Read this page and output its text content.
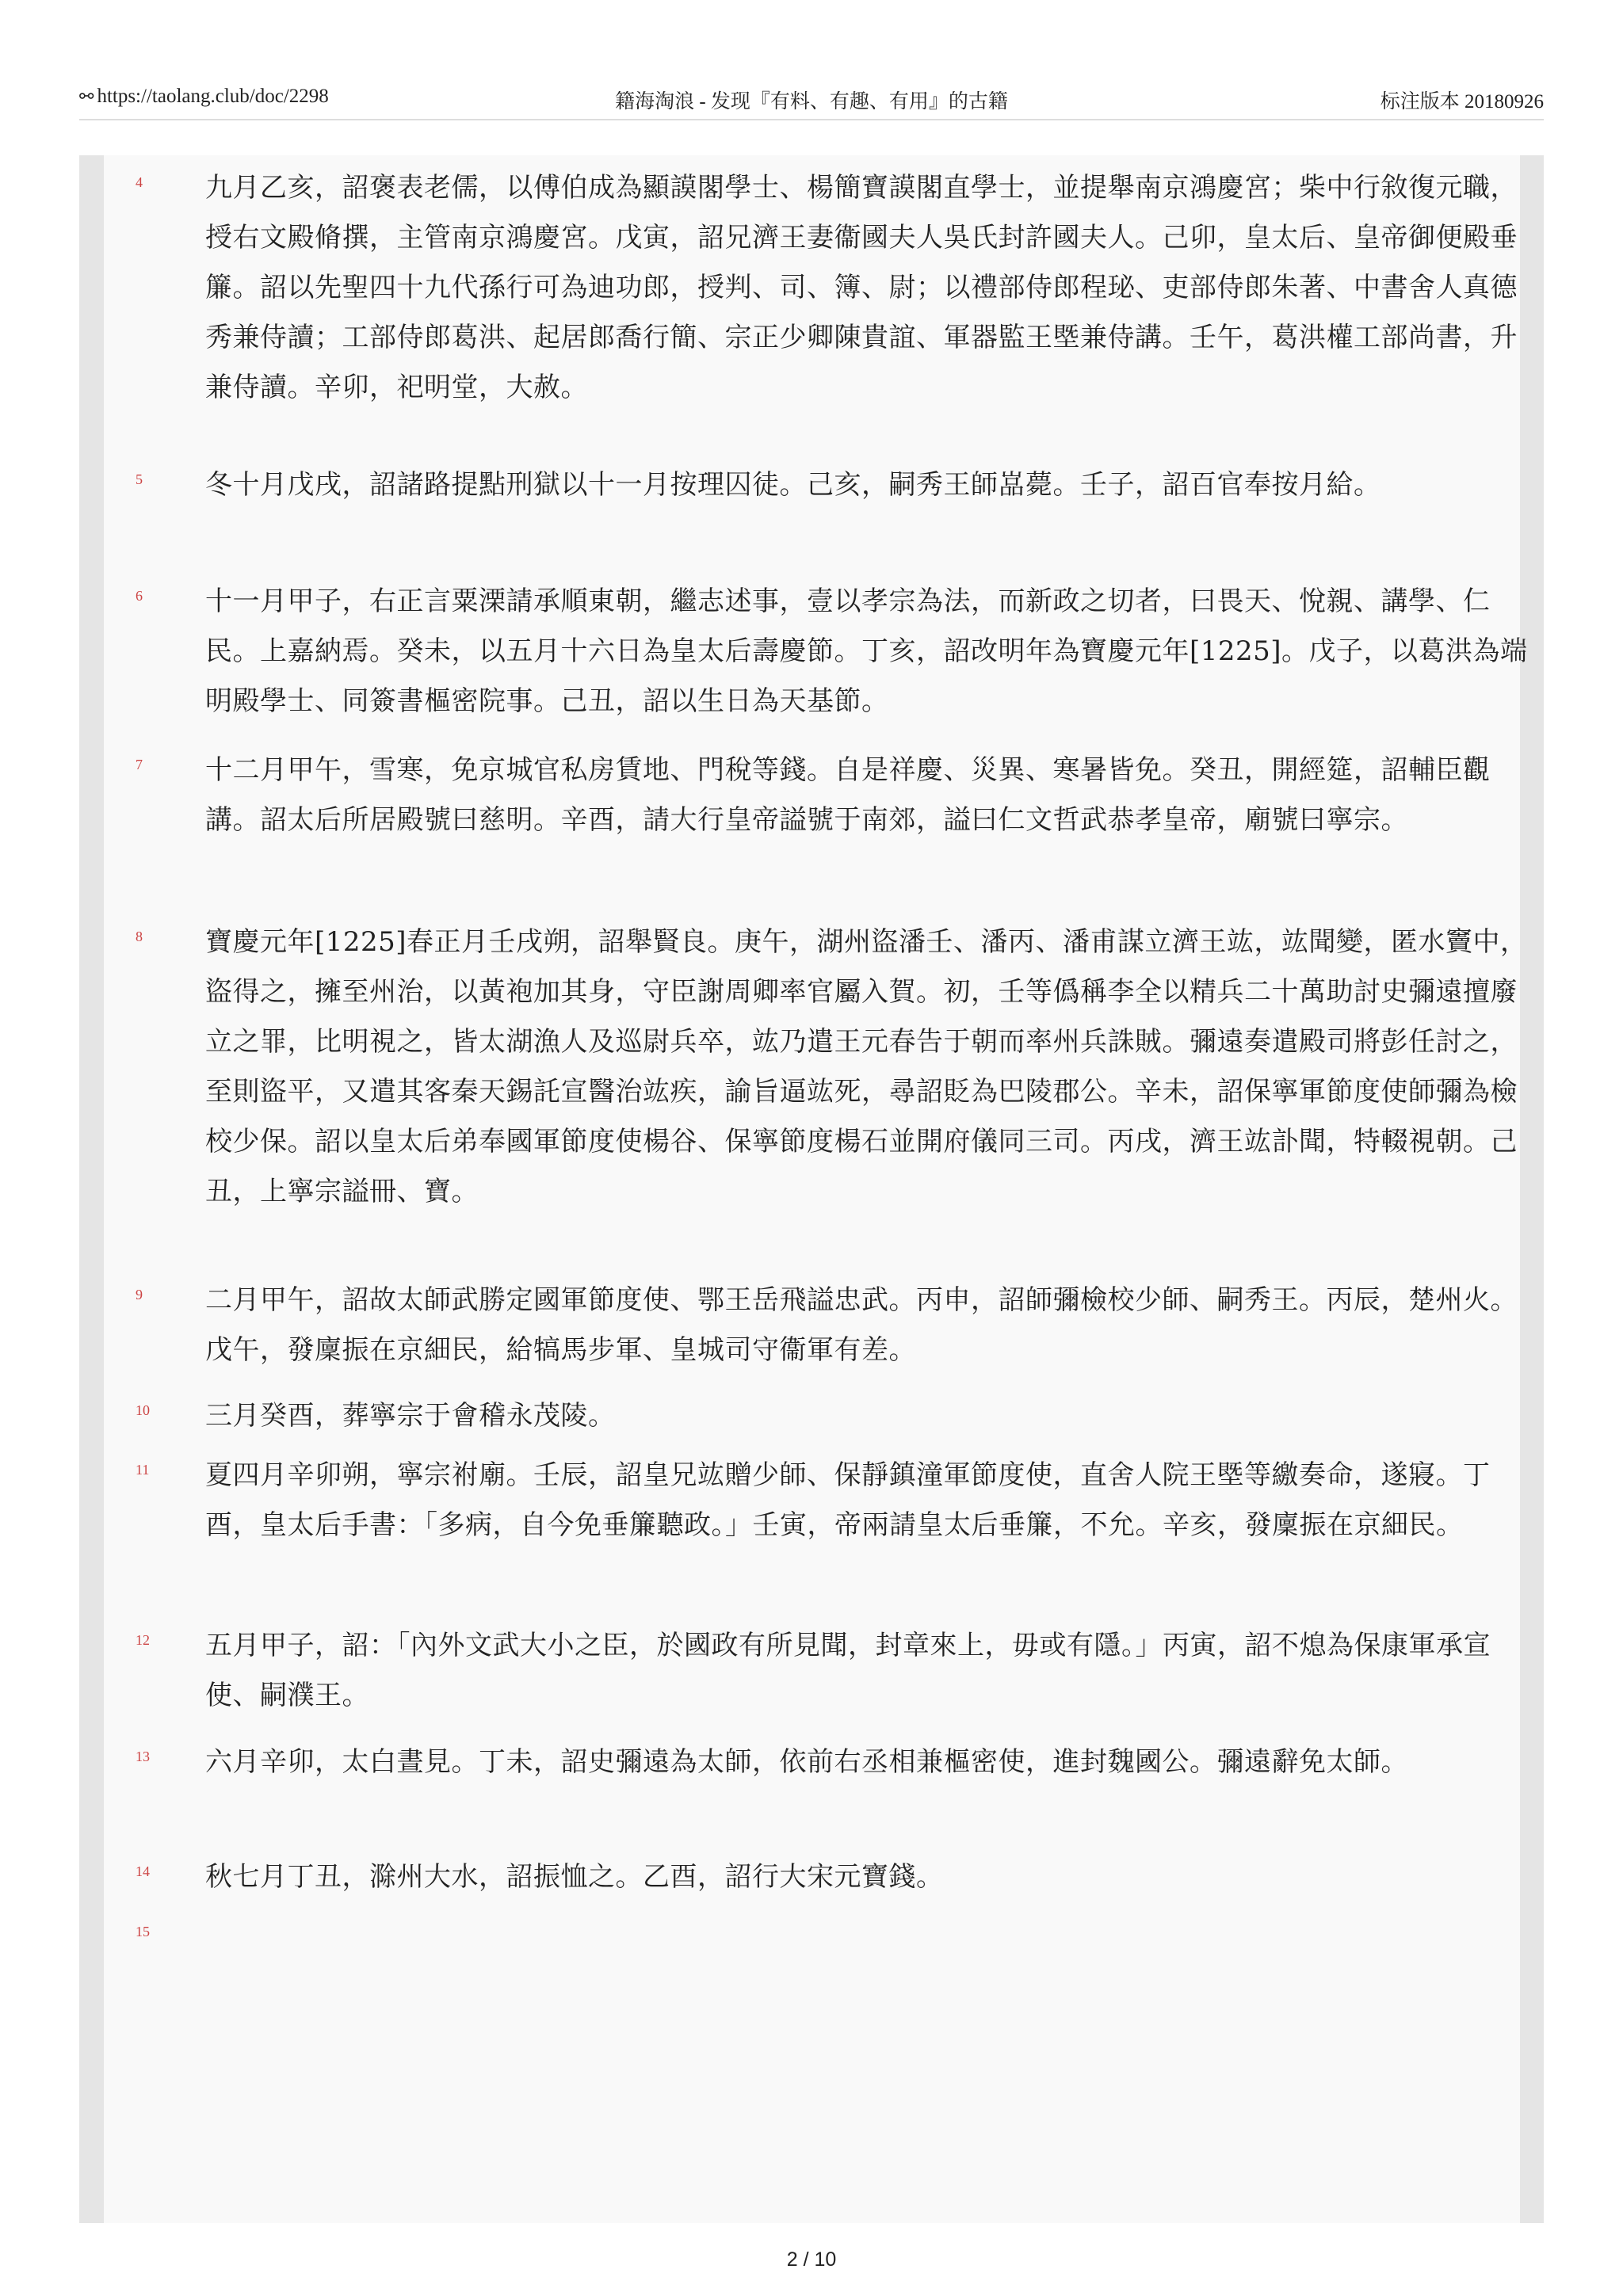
⚯ https://taolang.club/doc/2298	籍海淘浪 - 发现『有料、有趣、有用』的古籍	标注版本 20180926
4	九月乙亥，詔褒表老儒，以傅伯成為顯謨閣學士、楊簡寶謨閣直學士，並提舉南京鴻慶宮；柴中行敘復元職，授右文殿脩撰，主管南京鴻慶宮。戊寅，詔兄濟王妻衞國夫人吳氏封許國夫人。己卯，皇太后、皇帝御便殿垂簾。詔以先聖四十九代孫行可為迪功郎，授判、司、簿、尉；以禮部侍郎程珌、吏部侍郎朱著、中書舍人真德秀兼侍讀；工部侍郎葛洪、起居郎喬行簡、宗正少卿陳貴誼、軍器監王塈兼侍講。壬午，葛洪權工部尚書，升兼侍讀。辛卯，祀明堂，大赦。
5	冬十月戊戌，詔諸路提點刑獄以十一月按理囚徒。己亥，嗣秀王師嵓薨。壬子，詔百官奉按月給。
6	十一月甲子，右正言粟溧請承順東朝，繼志述事，壹以孝宗為法，而新政之切者，曰畏天、悅親、講學、仁民。上嘉納焉。癸未，以五月十六日為皇太后壽慶節。丁亥，詔改明年為寶慶元年[1225]。戊子，以葛洪為端明殿學士、同簽書樞密院事。己丑，詔以生日為天基節。
7	十二月甲午，雪寒，免京城官私房賃地、門稅等錢。自是祥慶、災異、寒暑皆免。癸丑，開經筵，詔輔臣觀講。詔太后所居殿號曰慈明。辛酉，請大行皇帝謚號于南郊，謚曰仁文哲武恭孝皇帝，廟號曰寧宗。
8	寶慶元年[1225]春正月壬戌朔，詔舉賢良。庚午，湖州盜潘壬、潘丙、潘甫謀立濟王竑，竑聞變，匿水竇中，盜得之，擁至州治，以黃袍加其身，守臣謝周卿率官屬入賀。初，壬等僞稱李全以精兵二十萬助討史彌遠擅廢立之罪，比明視之，皆太湖漁人及巡尉兵卒，竑乃遣王元春告于朝而率州兵誅賊。彌遠奏遣殿司將彭任討之，至則盜平，又遣其客秦天錫託宣醫治竑疾，諭旨逼竑死，尋詔貶為巴陵郡公。辛未，詔保寧軍節度使師彌為檢校少保。詔以皇太后弟奉國軍節度使楊谷、保寧節度楊石並開府儀同三司。丙戌，濟王竑訃聞，特輟視朝。己丑，上寧宗謚冊、寶。
9	二月甲午，詔故太師武勝定國軍節度使、鄂王岳飛謚忠武。丙申，詔師彌檢校少師、嗣秀王。丙辰，楚州火。戊午，發廩振在京細民，給犒馬步軍、皇城司守衞軍有差。
10	三月癸酉，葬寧宗于會稽永茂陵。
11	夏四月辛卯朔，寧宗祔廟。壬辰，詔皇兄竑贈少師、保靜鎮潼軍節度使，直舍人院王塈等繳奏命，遂寢。丁酉，皇太后手書：「多病，自今免垂簾聽政。」壬寅，帝兩請皇太后垂簾，不允。辛亥，發廩振在京細民。
12	五月甲子，詔：「內外文武大小之臣，於國政有所見聞，封章來上，毋或有隱。」丙寅，詔不熄為保康軍承宣使、嗣濮王。
13	六月辛卯，太白晝見。丁未，詔史彌遠為太師，依前右丞相兼樞密使，進封魏國公。彌遠辭免太師。
14	秋七月丁丑，滁州大水，詔振恤之。乙酉，詔行大宋元寶錢。
15
2 / 10
